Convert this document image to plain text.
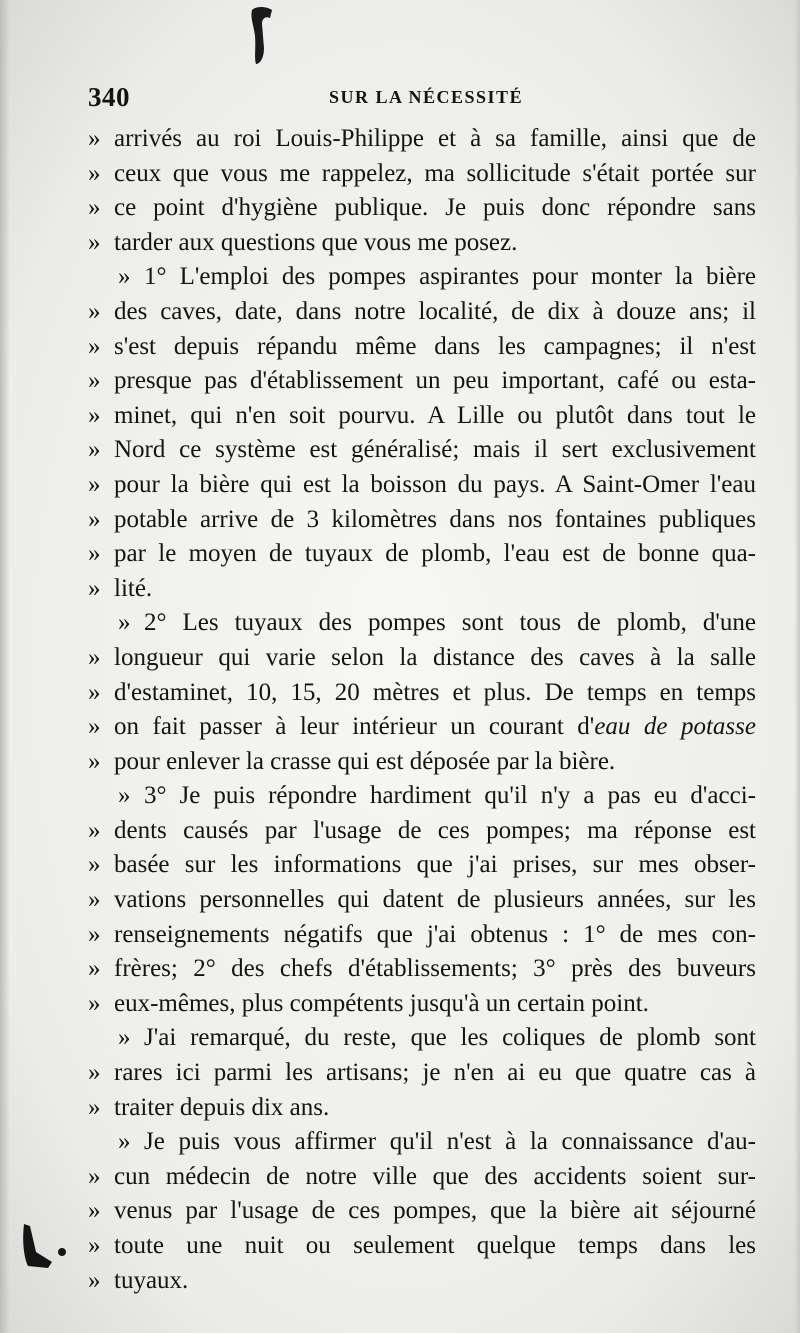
340	SUR LA NÉCESSITÉ
» arrivés au roi Louis-Philippe et à sa famille, ainsi que de
» ceux que vous me rappelez, ma sollicitude s'était portée sur
» ce point d'hygiène publique. Je puis donc répondre sans
» tarder aux questions que vous me posez.
» 1° L'emploi des pompes aspirantes pour monter la bière
» des caves, date, dans notre localité, de dix à douze ans; il
» s'est depuis répandu même dans les campagnes; il n'est
» presque pas d'établissement un peu important, café ou esta-
» minet, qui n'en soit pourvu. A Lille ou plutôt dans tout le
» Nord ce système est généralisé; mais il sert exclusivement
» pour la bière qui est la boisson du pays. A Saint-Omer l'eau
» potable arrive de 3 kilomètres dans nos fontaines publiques
» par le moyen de tuyaux de plomb, l'eau est de bonne qua-
» lité.
» 2° Les tuyaux des pompes sont tous de plomb, d'une
» longueur qui varie selon la distance des caves à la salle
» d'estaminet, 10, 15, 20 mètres et plus. De temps en temps
» on fait passer à leur intérieur un courant d'eau de potasse
» pour enlever la crasse qui est déposée par la bière.
» 3° Je puis répondre hardiment qu'il n'y a pas eu d'acci-
» dents causés par l'usage de ces pompes; ma réponse est
» basée sur les informations que j'ai prises, sur mes obser-
» vations personnelles qui datent de plusieurs années, sur les
» renseignements négatifs que j'ai obtenus : 1° de mes con-
» frères; 2° des chefs d'établissements; 3° près des buveurs
» eux-mêmes, plus compétents jusqu'à un certain point.
» J'ai remarqué, du reste, que les coliques de plomb sont
» rares ici parmi les artisans; je n'en ai eu que quatre cas à
» traiter depuis dix ans.
» Je puis vous affirmer qu'il n'est à la connaissance d'au-
» cun médecin de notre ville que des accidents soient sur-
» venus par l'usage de ces pompes, que la bière ait séjourné
» toute une nuit ou seulement quelque temps dans les
» tuyaux.
